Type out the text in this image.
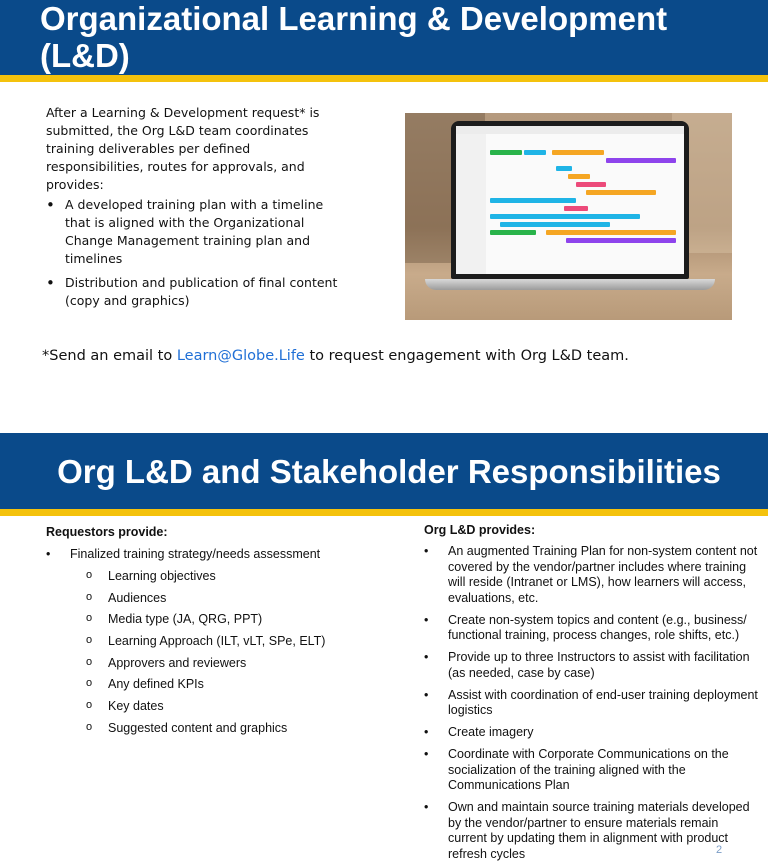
Organizational Learning & Development (L&D)

After a Learning & Development request* is submitted, the Org L&D team coordinates training deliverables per defined responsibilities, routes for approvals, and provides:

• A developed training plan with a timeline that is aligned with the Organizational Change Management training plan and timelines
• Distribution and publication of final content (copy and graphics)
*Send an email to Learn@Globe.Life to request engagement with Org L&D team.
Org L&D and Stakeholder Responsibilities
Requestors provide:
• Finalized training strategy/needs assessment
o Learning objectives
o Audiences
o Media type (JA, QRG, PPT)
o Learning Approach (ILT, vLT, SPe, ELT)
o Approvers and reviewers
o Any defined KPIs
o Key dates
o Suggested content and graphics
Org L&D provides:
• An augmented Training Plan for non-system content not covered by the vendor/partner includes where training will reside (Intranet or LMS), how learners will access, evaluations, etc.
• Create non-system topics and content (e.g., business/ functional training, process changes, role shifts, etc.)
• Provide up to three Instructors to assist with facilitation (as needed, case by case)
• Assist with coordination of end-user training deployment logistics
• Create imagery
• Coordinate with Corporate Communications on the socialization of the training aligned with the Communications Plan
• Own and maintain source training materials developed by the vendor/partner to ensure materials remain current by updating them in alignment with product refresh cycles	2
